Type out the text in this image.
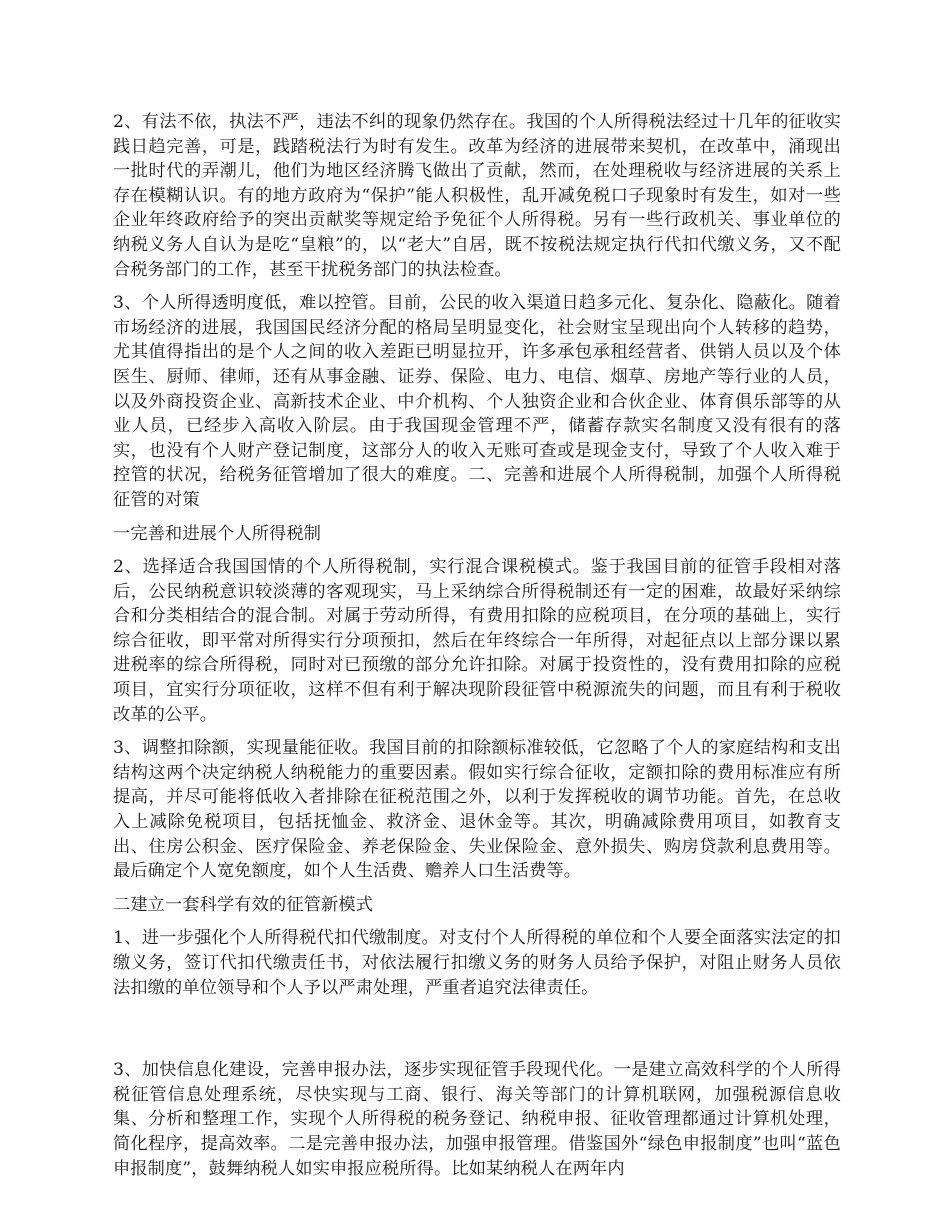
2、有法不依，执法不严，违法不纠的现象仍然存在。我国的个人所得税法经过十几年的征收实践日趋完善，可是，践踏税法行为时有发生。改革为经济的进展带来契机，在改革中，涌现出一批时代的弄潮儿，他们为地区经济腾飞做出了贡献，然而，在处理税收与经济进展的关系上存在模糊认识。有的地方政府为“保护”能人积极性，乱开减免税口子现象时有发生，如对一些企业年终政府给予的突出贡献奖等规定给予免征个人所得税。另有一些行政机关、事业单位的纳税义务人自认为是吃“皇粮”的，以“老大”自居，既不按税法规定执行代扣代缴义务，又不配合税务部门的工作，甚至干扰税务部门的执法检查。

3、个人所得透明度低，难以控管。目前，公民的收入渠道日趋多元化、复杂化、隐蔽化。随着市场经济的进展，我国国民经济分配的格局呈明显变化，社会财宝呈现出向个人转移的趋势，尤其值得指出的是个人之间的收入差距已明显拉开，许多承包承租经营者、供销人员以及个体医生、厨师、律师，还有从事金融、证券、保险、电力、电信、烟草、房地产等行业的人员，以及外商投资企业、高新技术企业、中介机构、个人独资企业和合伙企业、体育俱乐部等的从业人员，已经步入高收入阶层。由于我国现金管理不严，储蓄存款实名制度又没有很有的落实，也没有个人财产登记制度，这部分人的收入无账可查或是现金支付，导致了个人收入难于控管的状况，给税务征管增加了很大的难度。二、完善和进展个人所得税制，加强个人所得税征管的对策

一完善和进展个人所得税制

2、选择适合我国国情的个人所得税制，实行混合课税模式。鉴于我国目前的征管手段相对落后，公民纳税意识较淡薄的客观现实，马上采纳综合所得税制还有一定的困难，故最好采纳综合和分类相结合的混合制。对属于劳动所得，有费用扣除的应税项目，在分项的基础上，实行综合征收，即平常对所得实行分项预扣，然后在年终综合一年所得，对起征点以上部分课以累进税率的综合所得税，同时对已预缴的部分允许扣除。对属于投资性的，没有费用扣除的应税项目，宜实行分项征收，这样不但有利于解决现阶段征管中税源流失的问题，而且有利于税收改革的公平。

3、调整扣除额，实现量能征收。我国目前的扣除额标准较低，它忽略了个人的家庭结构和支出结构这两个决定纳税人纳税能力的重要因素。假如实行综合征收，定额扣除的费用标准应有所提高，并尽可能将低收入者排除在征税范围之外，以利于发挥税收的调节功能。首先，在总收入上减除免税项目，包括抚恤金、救济金、退休金等。其次，明确减除费用项目，如教育支出、住房公积金、医疗保险金、养老保险金、失业保险金、意外损失、购房贷款利息费用等。最后确定个人宽免额度，如个人生活费、赡养人口生活费等。

二建立一套科学有效的征管新模式

1、进一步强化个人所得税代扣代缴制度。对支付个人所得税的单位和个人要全面落实法定的扣缴义务，签订代扣代缴责任书，对依法履行扣缴义务的财务人员给予保护，对阻止财务人员依法扣缴的单位领导和个人予以严肃处理，严重者追究法律责任。

3、加快信息化建设，完善申报办法，逐步实现征管手段现代化。一是建立高效科学的个人所得税征管信息处理系统，尽快实现与工商、银行、海关等部门的计算机联网，加强税源信息收集、分析和整理工作，实现个人所得税的税务登记、纳税申报、征收管理都通过计算机处理，简化程序，提高效率。二是完善申报办法，加强申报管理。借鉴国外“绿色申报制度”也叫“蓝色申报制度”，鼓舞纳税人如实申报应税所得。比如某纳税人在两年内
